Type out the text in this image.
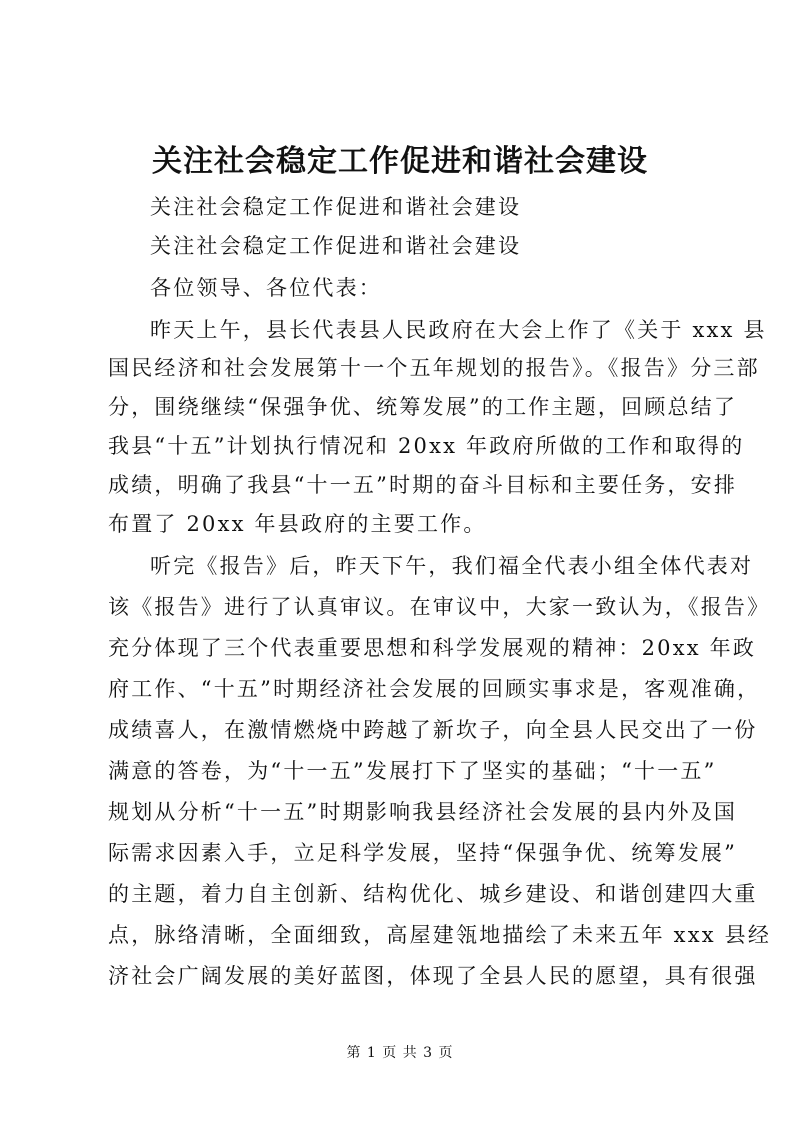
关注社会稳定工作促进和谐社会建设
关注社会稳定工作促进和谐社会建设
关注社会稳定工作促进和谐社会建设
各位领导、各位代表：
昨天上午，县长代表县人民政府在大会上作了《关于 xxx 县
国民经济和社会发展第十一个五年规划的报告》。《报告》分三部
分，围绕继续“保强争优、统筹发展”的工作主题，回顾总结了
我县“十五”计划执行情况和 20xx 年政府所做的工作和取得的
成绩，明确了我县“十一五”时期的奋斗目标和主要任务，安排
布置了 20xx 年县政府的主要工作。
听完《报告》后，昨天下午，我们福全代表小组全体代表对
该《报告》进行了认真审议。在审议中，大家一致认为，《报告》
充分体现了三个代表重要思想和科学发展观的精神：20xx 年政
府工作、“十五”时期经济社会发展的回顾实事求是，客观准确，
成绩喜人，在激情燃烧中跨越了新坎子，向全县人民交出了一份
满意的答卷，为“十一五”发展打下了坚实的基础；“十一五”
规划从分析“十一五”时期影响我县经济社会发展的县内外及国
际需求因素入手，立足科学发展，坚持“保强争优、统筹发展”
的主题，着力自主创新、结构优化、城乡建设、和谐创建四大重
点，脉络清晰，全面细致，高屋建瓴地描绘了未来五年 xxx 县经
济社会广阔发展的美好蓝图，体现了全县人民的愿望，具有很强
第 1 页 共 3 页
